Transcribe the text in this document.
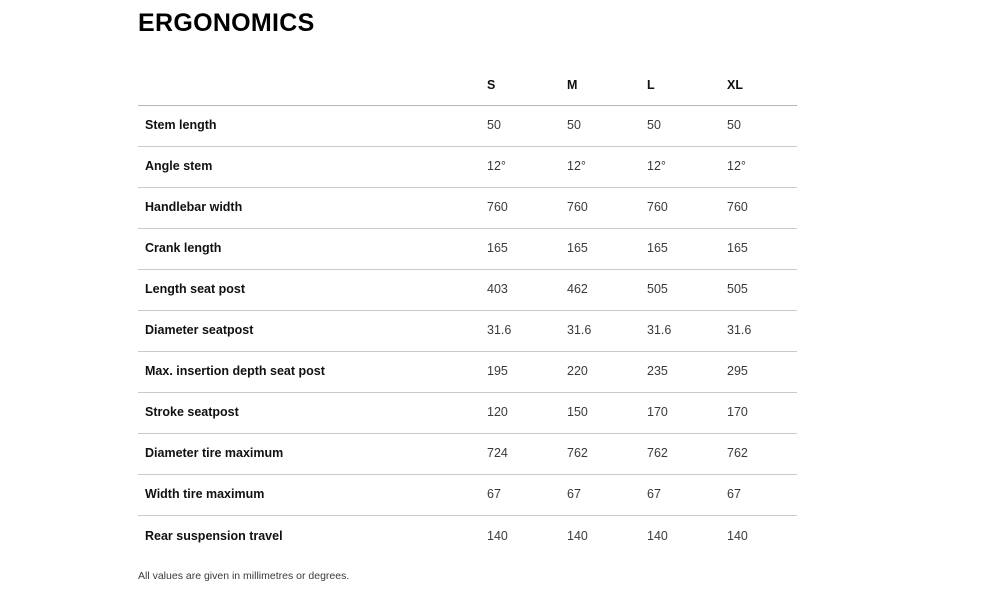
ERGONOMICS
	S	M	L	XL
Stem length	50	50	50	50
Angle stem	12°	12°	12°	12°
Handlebar width	760	760	760	760
Crank length	165	165	165	165
Length seat post	403	462	505	505
Diameter seatpost	31.6	31.6	31.6	31.6
Max. insertion depth seat post	195	220	235	295
Stroke seatpost	120	150	170	170
Diameter tire maximum	724	762	762	762
Width tire maximum	67	67	67	67
Rear suspension travel	140	140	140	140
All values are given in millimetres or degrees.
